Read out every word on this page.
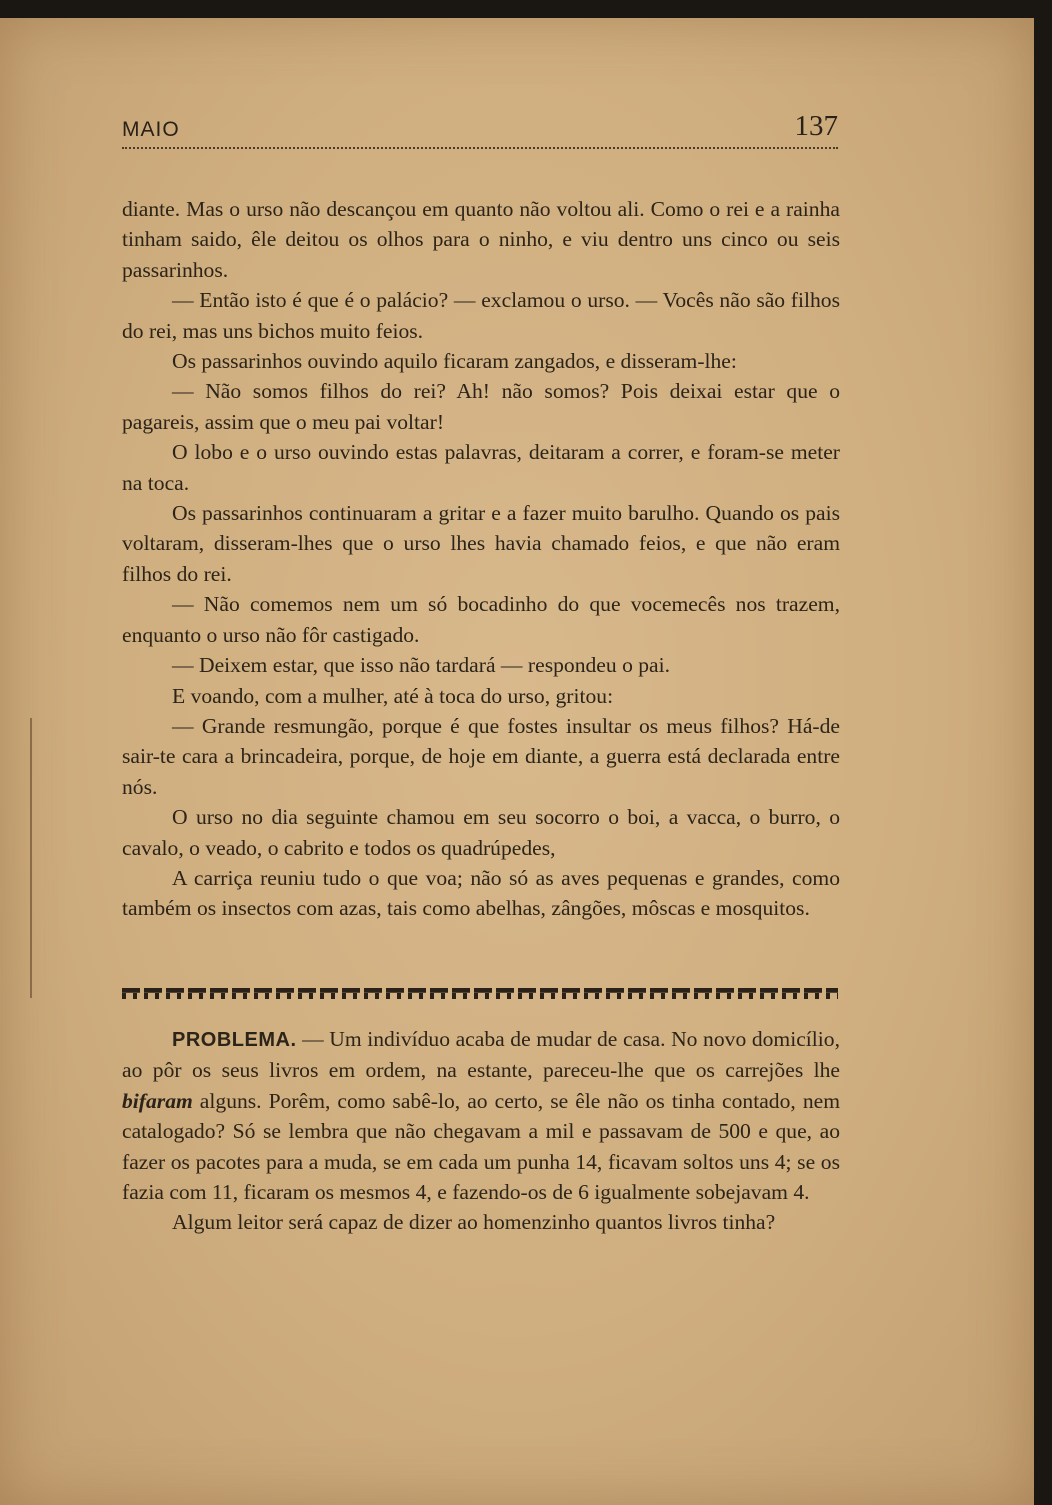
MAIO	137

diante. Mas o urso não descançou em quanto não voltou ali. Como o rei e a rainha tinham saido, êle deitou os olhos para o ninho, e viu dentro uns cinco ou seis passarinhos.

— Então isto é que é o palácio? — exclamou o urso. — Vocês não são filhos do rei, mas uns bichos muito feios.

Os passarinhos ouvindo aquilo ficaram zangados, e disseram-lhe:

— Não somos filhos do rei? Ah! não somos? Pois deixai estar que o pagareis, assim que o meu pai voltar!

O lobo e o urso ouvindo estas palavras, deitaram a correr, e foram-se meter na toca.

Os passarinhos continuaram a gritar e a fazer muito barulho. Quando os pais voltaram, disseram-lhes que o urso lhes havia chamado feios, e que não eram filhos do rei.

— Não comemos nem um só bocadinho do que vocemecês nos trazem, enquanto o urso não fôr castigado.

— Deixem estar, que isso não tardará — respondeu o pai.

E voando, com a mulher, até à toca do urso, gritou:

— Grande resmungão, porque é que fostes insultar os meus filhos? Há-de sair-te cara a brincadeira, porque, de hoje em diante, a guerra está declarada entre nós.

O urso no dia seguinte chamou em seu socorro o boi, a vacca, o burro, o cavalo, o veado, o cabrito e todos os quadrúpedes,

A carriça reuniu tudo o que voa; não só as aves pequenas e grandes, como também os insectos com azas, tais como abelhas, zângões, môscas e mosquitos.

PROBLEMA. — Um indivíduo acaba de mudar de casa. No novo domicílio, ao pôr os seus livros em ordem, na estante, pareceu-lhe que os carrejões lhe bifaram alguns. Porêm, como sabê-lo, ao certo, se êle não os tinha contado, nem catalogado? Só se lembra que não chegavam a mil e passavam de 500 e que, ao fazer os pacotes para a muda, se em cada um punha 14, ficavam soltos uns 4; se os fazia com 11, ficaram os mesmos 4, e fazendo-os de 6 igualmente sobejavam 4.

Algum leitor será capaz de dizer ao homenzinho quantos livros tinha?
